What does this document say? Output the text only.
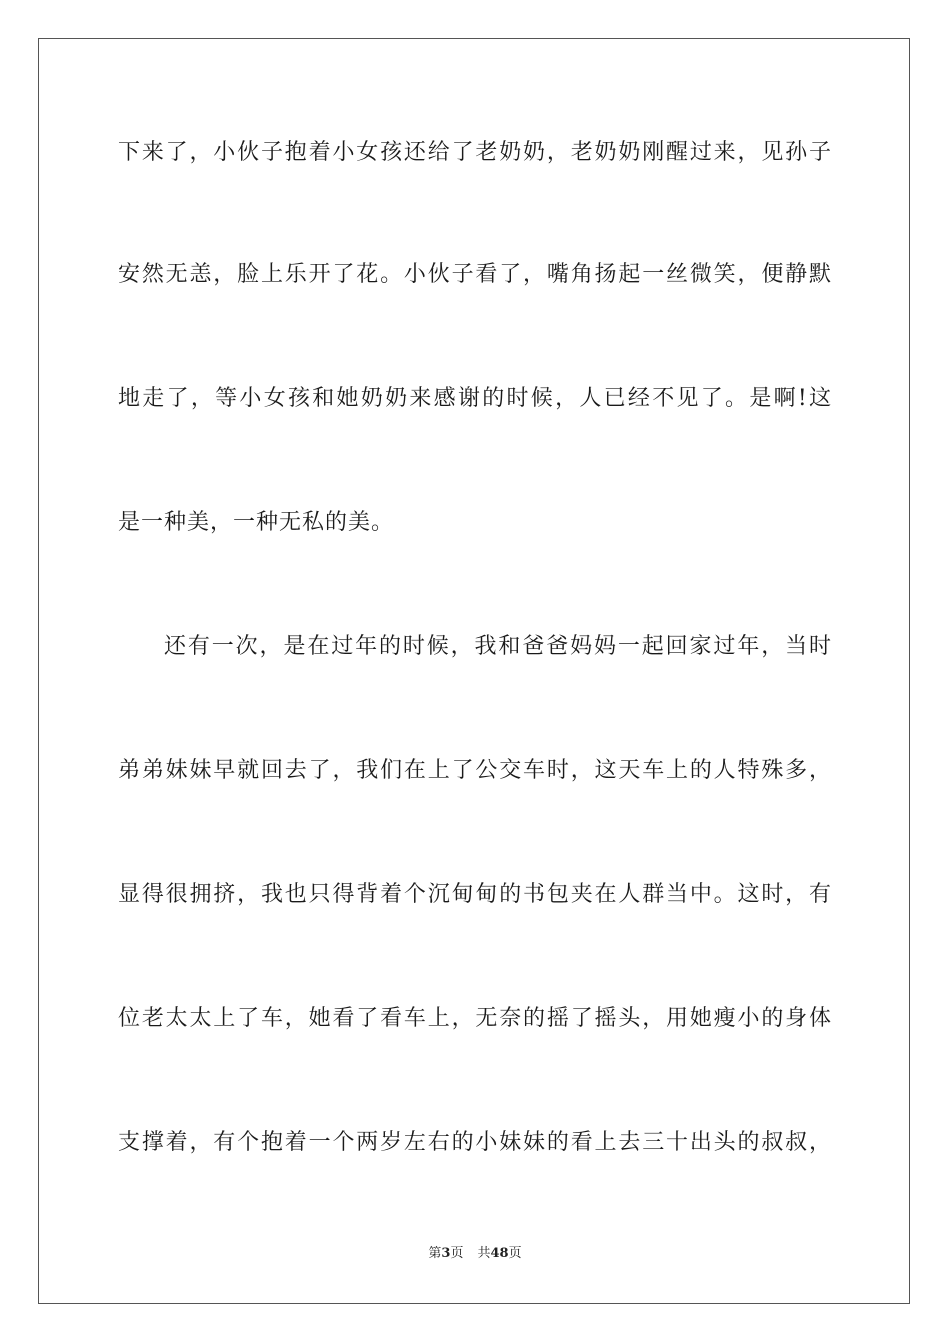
下来了，小伙子抱着小女孩还给了老奶奶，老奶奶刚醒过来，见孙子
安然无恙，脸上乐开了花。小伙子看了，嘴角扬起一丝微笑，便静默
地走了，等小女孩和她奶奶来感谢的时候，人已经不见了。是啊!这
是一种美，一种无私的美。
还有一次，是在过年的时候，我和爸爸妈妈一起回家过年，当时
弟弟妹妹早就回去了，我们在上了公交车时，这天车上的人特殊多，
显得很拥挤，我也只得背着个沉甸甸的书包夹在人群当中。这时，有
位老太太上了车，她看了看车上，无奈的摇了摇头，用她瘦小的身体
支撑着，有个抱着一个两岁左右的小妹妹的看上去三十出头的叔叔，
第3页 共48页
